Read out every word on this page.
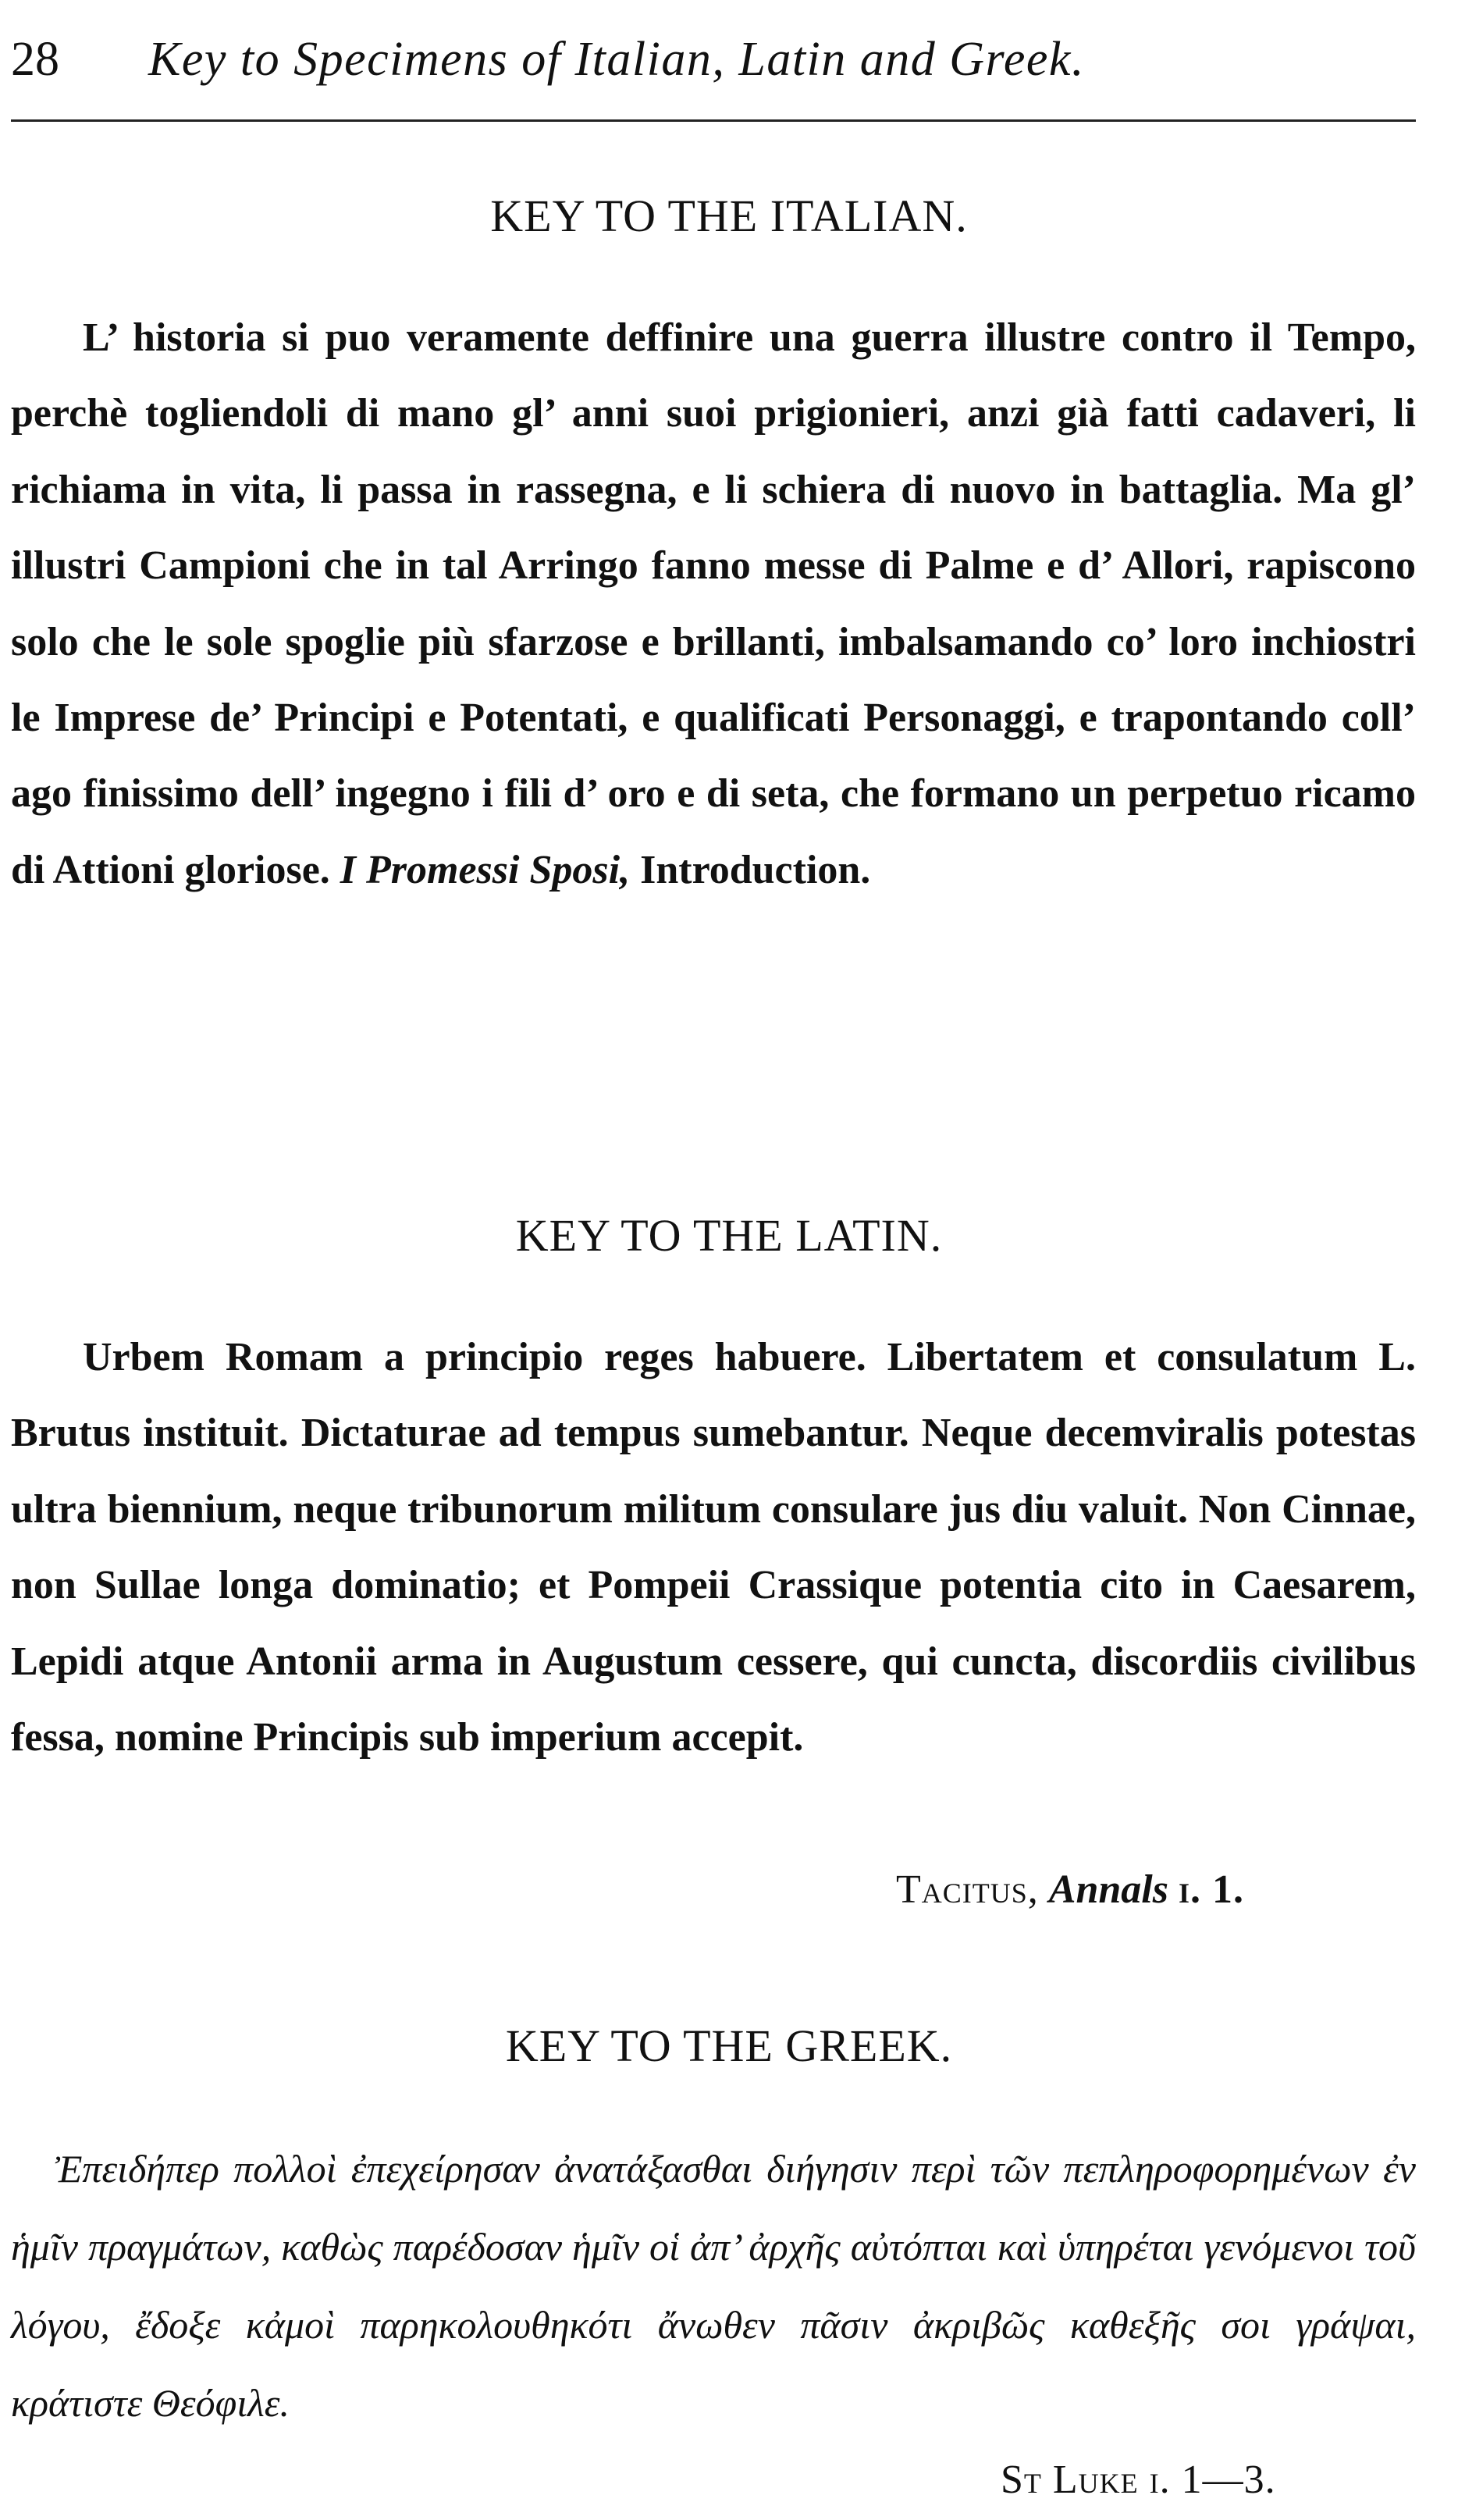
28 Key to Specimens of Italian, Latin and Greek.
KEY TO THE ITALIAN.

L’ historia si puo veramente deffinire una guerra illustre contro il Tempo, perchè togliendoli di mano gl’ anni suoi prigionieri, anzi già fatti cadaveri, li richiama in vita, li passa in rassegna, e li schiera di nuovo in battaglia. Ma gl’ illustri Campioni che in tal Arringo fanno messe di Palme e d’ Allori, rapiscono solo che le sole spoglie più sfarzose e brillanti, imbalsamando co’ loro inchiostri le Imprese de’ Principi e Potentati, e qualificati Personaggi, e trapontando coll’ ago finissimo dell’ ingegno i fili d’ oro e di seta, che formano un perpetuo ricamo di Attioni gloriose. I Promessi Sposi, Introduction.

KEY TO THE LATIN.

Urbem Romam a principio reges habuere. Libertatem et consulatum L. Brutus instituit. Dictaturae ad tempus sumebantur. Neque decemviralis potestas ultra biennium, neque tribunorum militum consulare jus diu valuit. Non Cinnae, non Sullae longa dominatio; et Pompeii Crassique potentia cito in Caesarem, Lepidi atque Antonii arma in Augustum cessere, qui cuncta, discordiis civilibus fessa, nomine Principis sub imperium accepit.

Tacitus, Annals i. 1.
KEY TO THE GREEK.

Ἐπειδήπερ πολλοὶ ἐπεχείρησαν ἀνατάξασθαι διήγησιν περὶ τῶν πεπληροφορημένων ἐν ἡμῖν πραγμάτων, καθὼς παρέδοσαν ἡμῖν οἱ ἀπ’ ἀρχῆς αὐτόπται καὶ ὑπηρέται γενόμενοι τοῦ λόγου, ἔδοξε κἀμοὶ παρηκολουθηκότι ἄνωθεν πᾶσιν ἀκριβῶς καθεξῆς σοι γράψαι, κράτιστε Θεόφιλε.

St Luke i. 1—3.
